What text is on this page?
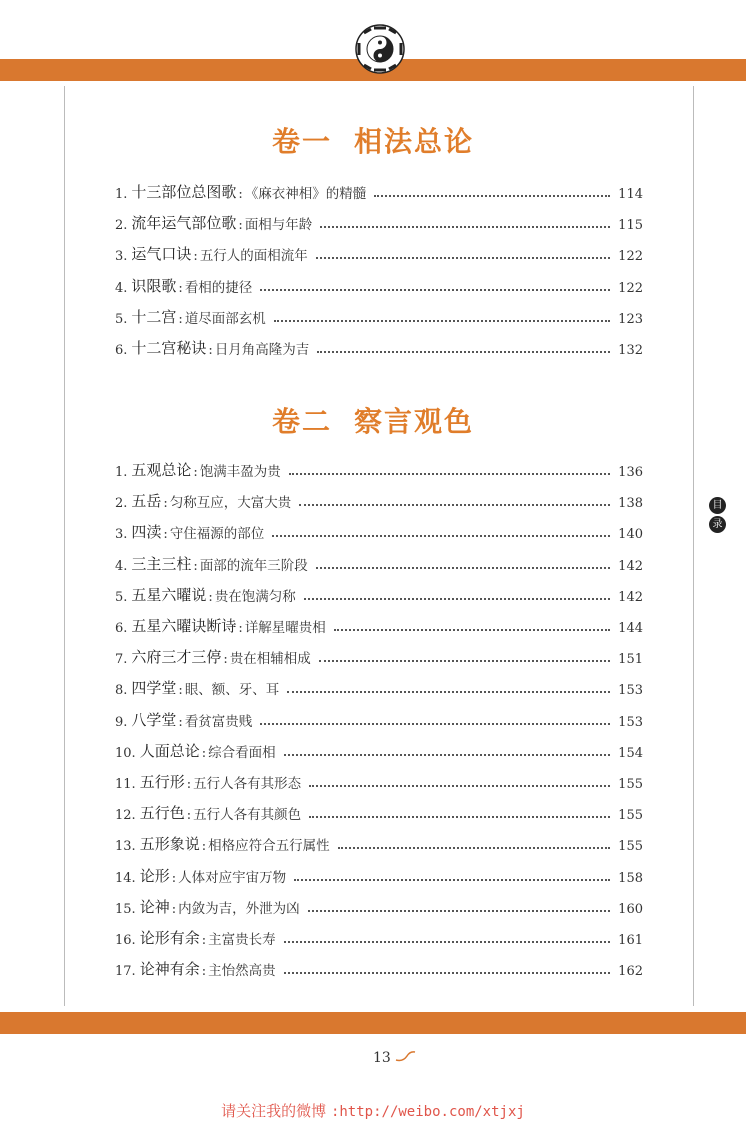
卷一 相法总论
1. 十三部位总图歌 : 《麻衣神相》的精髓	114
2. 流年运气部位歌 : 面相与年龄	115
3. 运气口诀 : 五行人的面相流年	122
4. 识限歌 : 看相的捷径	122
5. 十二宫 : 道尽面部玄机	123
6. 十二宫秘诀 : 日月角高隆为吉	132
卷二 察言观色
1. 五观总论 : 饱满丰盈为贵	136
2. 五岳 : 匀称互应，大富大贵	138
3. 四渎 : 守住福源的部位	140
4. 三主三柱 : 面部的流年三阶段	142
5. 五星六曜说 : 贵在饱满匀称	142
6. 五星六曜诀断诗 : 详解星曜贵相	144
7. 六府三才三停 : 贵在相辅相成	151
8. 四学堂 : 眼、额、牙、耳	153
9. 八学堂 : 看贫富贵贱	153
10. 人面总论 : 综合看面相	154
11. 五行形 : 五行人各有其形态	155
12. 五行色 : 五行人各有其颜色	155
13. 五形象说 : 相格应符合五行属性	155
14. 论形 : 人体对应宇宙万物	158
15. 论神 : 内敛为吉，外泄为凶	160
16. 论形有余 : 主富贵长寿	161
17. 论神有余 : 主怡然高贵	162
目
录
13
请关注我的微博 :http://weibo.com/xtjxj
